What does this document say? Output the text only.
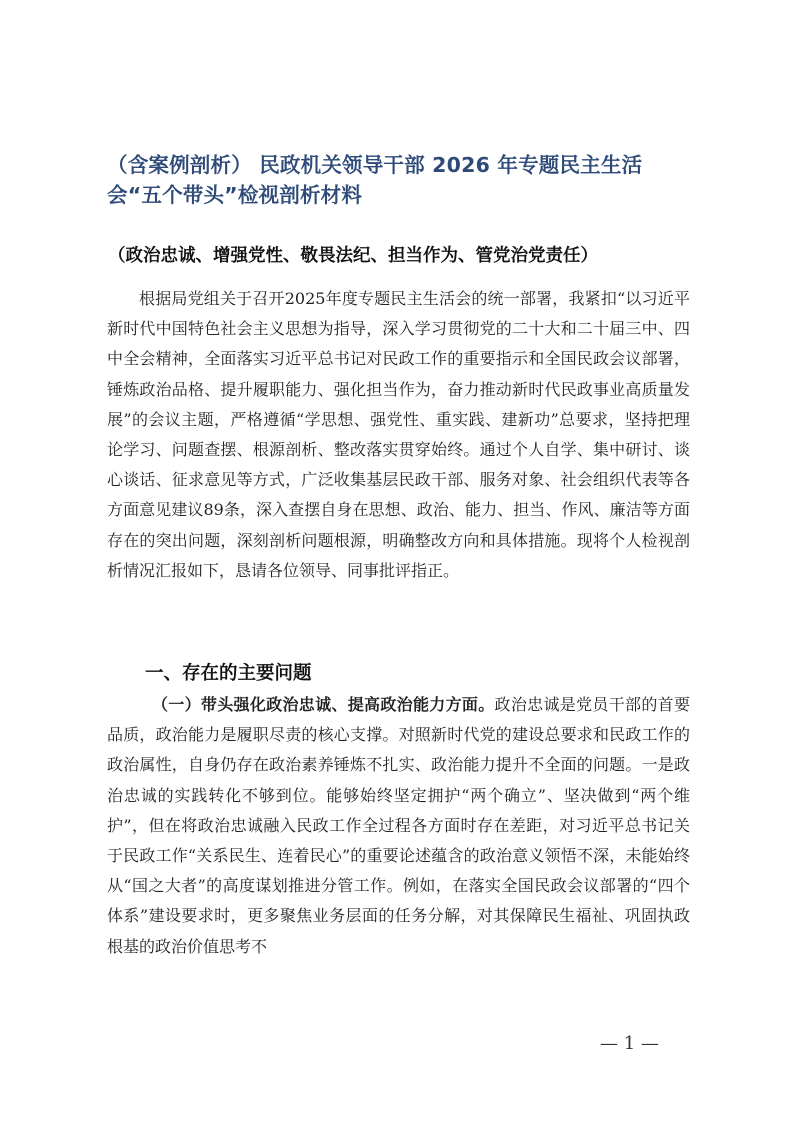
（含案例剖析） 民政机关领导干部 2026 年专题民主生活会“五个带头”检视剖析材料
（政治忠诚、增强党性、敬畏法纪、担当作为、管党治党责任）
根据局党组关于召开2025年度专题民主生活会的统一部署，我紧扣“以习近平新时代中国特色社会主义思想为指导，深入学习贯彻党的二十大和二十届三中、四中全会精神，全面落实习近平总书记对民政工作的重要指示和全国民政会议部署，锤炼政治品格、提升履职能力、强化担当作为，奋力推动新时代民政事业高质量发展”的会议主题，严格遵循“学思想、强党性、重实践、建新功”总要求，坚持把理论学习、问题查摆、根源剖析、整改落实贯穿始终。通过个人自学、集中研讨、谈心谈话、征求意见等方式，广泛收集基层民政干部、服务对象、社会组织代表等各方面意见建议89条，深入查摆自身在思想、政治、能力、担当、作风、廉洁等方面存在的突出问题，深刻剖析问题根源，明确整改方向和具体措施。现将个人检视剖析情况汇报如下，恳请各位领导、同事批评指正。
一、存在的主要问题
（一）带头强化政治忠诚、提高政治能力方面。政治忠诚是党员干部的首要品质，政治能力是履职尽责的核心支撑。对照新时代党的建设总要求和民政工作的政治属性，自身仍存在政治素养锤炼不扎实、政治能力提升不全面的问题。一是政治忠诚的实践转化不够到位。能够始终坚定拥护“两个确立”、坚决做到“两个维护”，但在将政治忠诚融入民政工作全过程各方面时存在差距，对习近平总书记关于民政工作“关系民生、连着民心”的重要论述蕴含的政治意义领悟不深，未能始终从“国之大者”的高度谋划推进分管工作。例如，在落实全国民政会议部署的“四个体系”建设要求时，更多聚焦业务层面的任务分解，对其保障民生福祉、巩固执政根基的政治价值思考不
— 1 —
